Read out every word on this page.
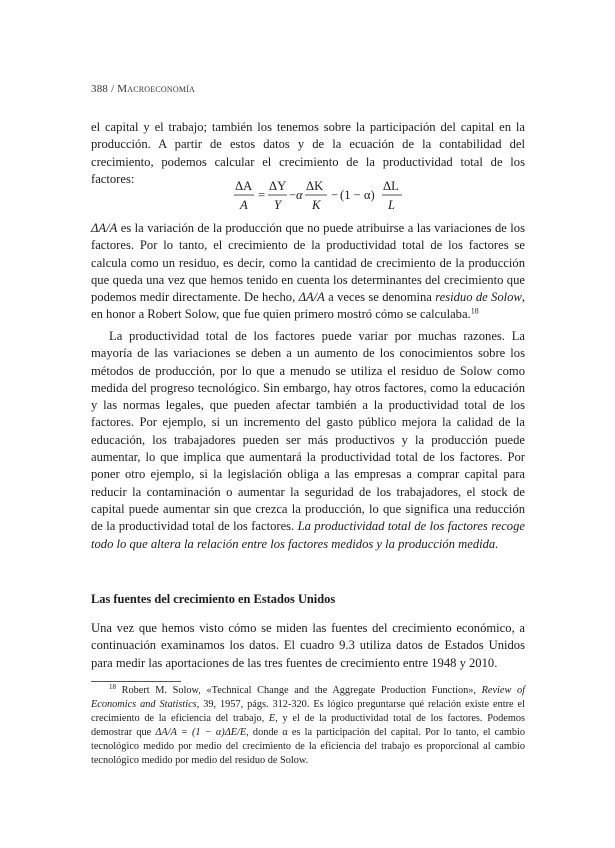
388 / Macroeconomía

el capital y el trabajo; también los tenemos sobre la participación del capital en la producción. A partir de estos datos y de la ecuación de la contabilidad del crecimiento, podemos calcular el crecimiento de la productividad total de los factores:

ΔA
A
=
ΔY
Y
− α
ΔK
K
− (1 − α)
ΔL
L

ΔA/A es la variación de la producción que no puede atribuirse a las variaciones de los factores. Por lo tanto, el crecimiento de la productividad total de los factores se calcula como un residuo, es decir, como la cantidad de crecimiento de la producción que queda una vez que hemos tenido en cuenta los determinantes del crecimiento que podemos medir directamente. De hecho, ΔA/A a veces se denomina residuo de Solow, en honor a Robert Solow, que fue quien primero mostró cómo se calculaba.$^{18}$

La productividad total de los factores puede variar por muchas razones. La mayoría de las variaciones se deben a un aumento de los conocimientos sobre los métodos de producción, por lo que a menudo se utiliza el residuo de Solow como medida del progreso tecnológico. Sin embargo, hay otros factores, como la educación y las normas legales, que pueden afectar también a la productividad total de los factores. Por ejemplo, si un incremento del gasto público mejora la calidad de la educación, los trabajadores pueden ser más productivos y la producción puede aumentar, lo que implica que aumentará la productividad total de los factores. Por poner otro ejemplo, si la legislación obliga a las empresas a comprar capital para reducir la contaminación o aumentar la seguridad de los trabajadores, el stock de capital puede aumentar sin que crezca la producción, lo que significa una reducción de la productividad total de los factores. La productividad total de los factores recoge todo lo que altera la relación entre los factores medidos y la producción medida.

Las fuentes del crecimiento en Estados Unidos

Una vez que hemos visto cómo se miden las fuentes del crecimiento económico, a continuación examinamos los datos. El cuadro 9.3 utiliza datos de Estados Unidos para medir las aportaciones de las tres fuentes de crecimiento entre 1948 y 2010.

$^{18}$ Robert M. Solow, «Technical Change and the Aggregate Production Function», Review of Economics and Statistics, 39, 1957, págs. 312-320. Es lógico preguntarse qué relación existe entre el crecimiento de la eficiencia del trabajo, E, y el de la productividad total de los factores. Podemos demostrar que ΔA/A = (1 − α)ΔE/E, donde α es la participación del capital. Por lo tanto, el cambio tecnológico medido por medio del crecimiento de la eficiencia del trabajo es proporcional al cambio tecnológico medido por medio del residuo de Solow.
